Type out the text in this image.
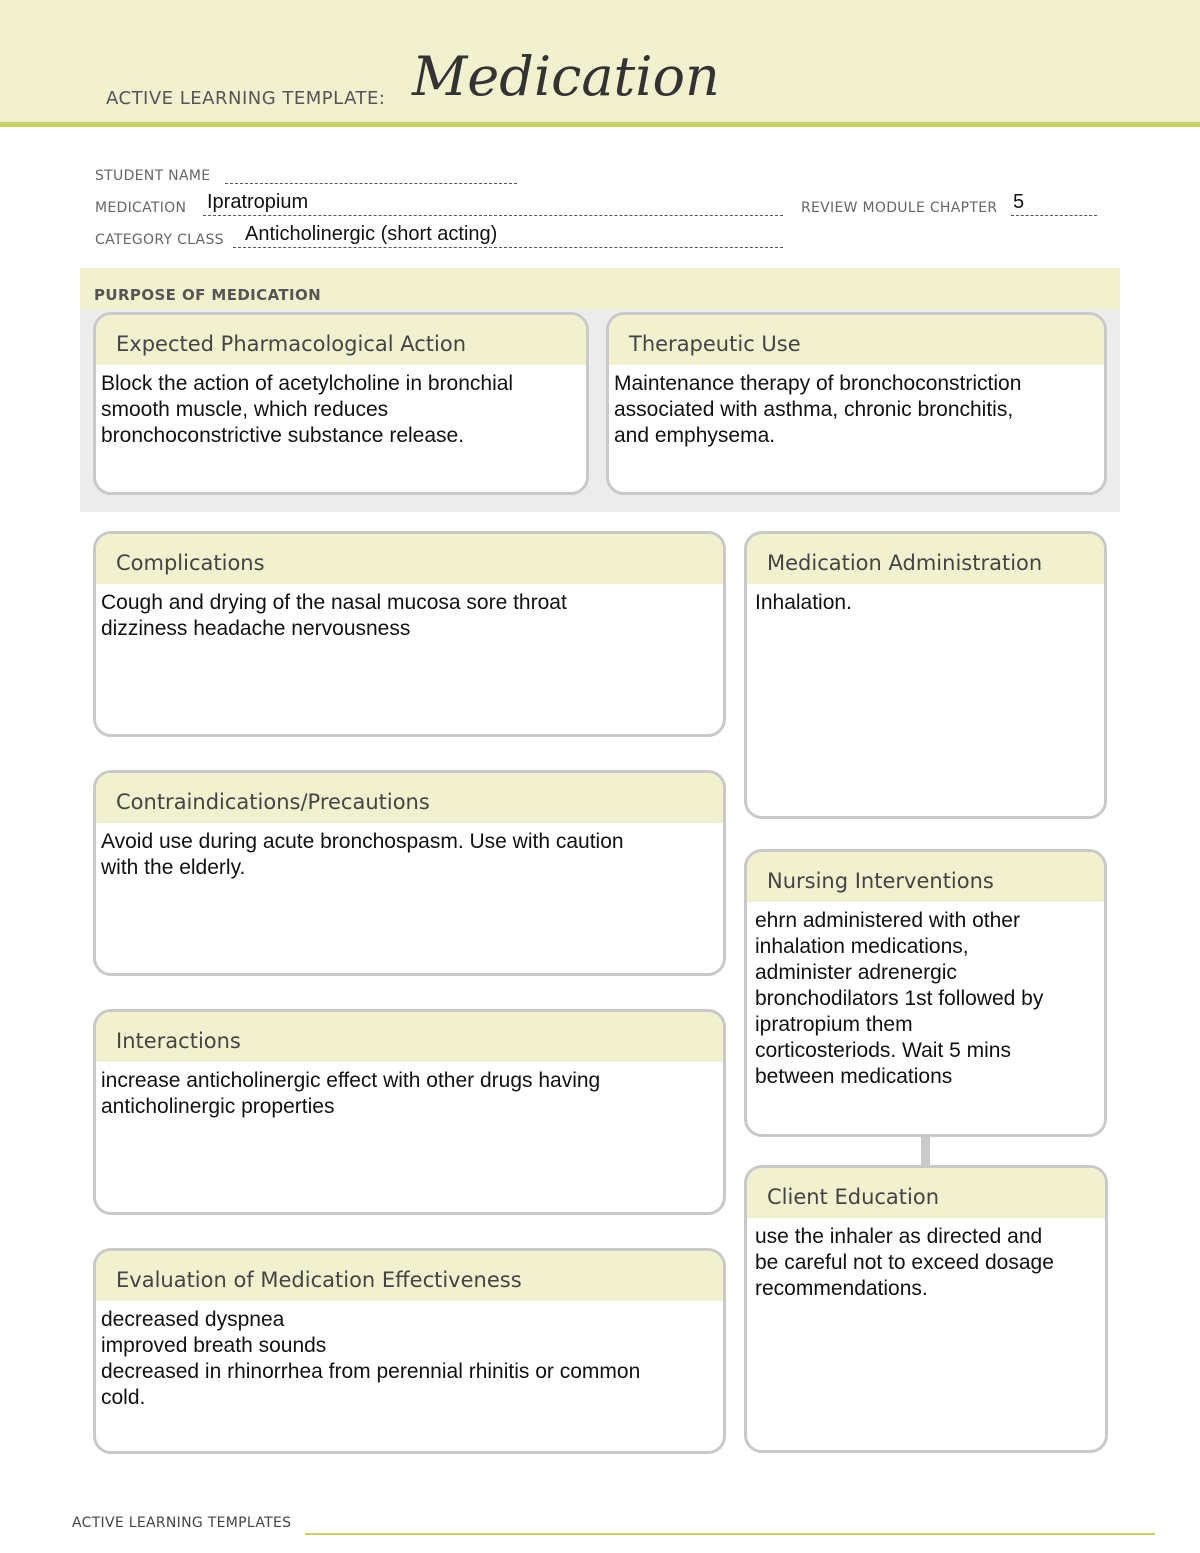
ACTIVE LEARNING TEMPLATE: Medication
STUDENT NAME
MEDICATION Ipratropium	REVIEW MODULE CHAPTER 5
CATEGORY CLASS Anticholinergic (short acting)
PURPOSE OF MEDICATION
Expected Pharmacological Action
Block the action of acetylcholine in bronchial
smooth muscle, which reduces
bronchoconstrictive substance release.
Therapeutic Use
Maintenance therapy of bronchoconstriction
associated with asthma, chronic bronchitis,
and emphysema.
Complications
Cough and drying of the nasal mucosa sore throat
dizziness headache nervousness
Contraindications/Precautions
Avoid use during acute bronchospasm. Use with caution
with the elderly.
Interactions
increase anticholinergic effect with other drugs having
anticholinergic properties
Evaluation of Medication Effectiveness
decreased dyspnea
improved breath sounds
decreased in rhinorrhea from perennial rhinitis or common
cold.
Medication Administration
Inhalation.
Nursing Interventions
ehrn administered with other
inhalation medications,
administer adrenergic
bronchodilators 1st followed by
ipratropium them
corticosteriods. Wait 5 mins
between medications
Client Education
use the inhaler as directed and
be careful not to exceed dosage
recommendations.
ACTIVE LEARNING TEMPLATES
